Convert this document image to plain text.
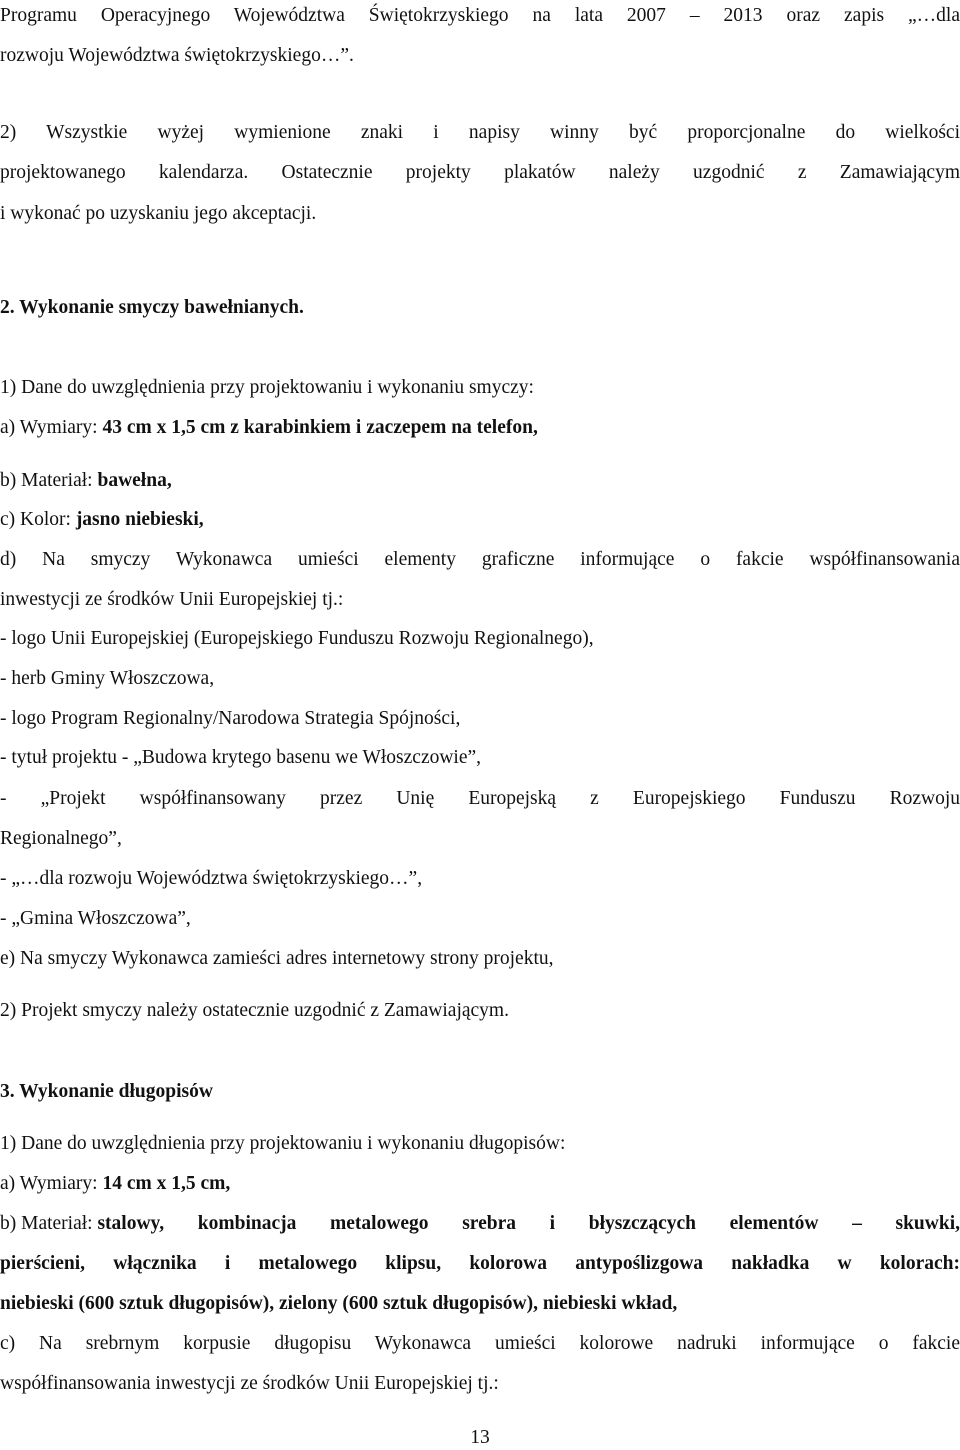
Programu Operacyjnego Województwa Świętokrzyskiego na lata 2007 – 2013 oraz zapis „…dla
rozwoju Województwa świętokrzyskiego…”.
2) Wszystkie wyżej wymienione znaki i napisy winny być proporcjonalne do wielkości
projektowanego kalendarza. Ostatecznie projekty plakatów należy uzgodnić z Zamawiającym
i wykonać po uzyskaniu jego akceptacji.
2. Wykonanie smyczy bawełnianych.
1) Dane do uwzględnienia przy projektowaniu i wykonaniu smyczy:
a) Wymiary: 43 cm x 1,5 cm z karabinkiem i zaczepem na telefon,
b) Materiał: bawełna,
c) Kolor: jasno niebieski,
d) Na smyczy Wykonawca umieści elementy graficzne informujące o fakcie współfinansowania
inwestycji ze środków Unii Europejskiej tj.:
- logo Unii Europejskiej (Europejskiego Funduszu Rozwoju Regionalnego),
- herb Gminy Włoszczowa,
- logo Program Regionalny/Narodowa Strategia Spójności,
- tytuł projektu - „Budowa krytego basenu we Włoszczowie”,
- „Projekt współfinansowany przez Unię Europejską z Europejskiego Funduszu Rozwoju
Regionalnego”,
- „…dla rozwoju Województwa świętokrzyskiego…”,
- „Gmina Włoszczowa”,
e) Na smyczy Wykonawca zamieści adres internetowy strony projektu,
2) Projekt smyczy należy ostatecznie uzgodnić z Zamawiającym.
3. Wykonanie długopisów
1) Dane do uwzględnienia przy projektowaniu i wykonaniu długopisów:
a) Wymiary: 14 cm x 1,5 cm,
b) Materiał: stalowy, kombinacja metalowego srebra i błyszczących elementów – skuwki,
pierścieni, włącznika i metalowego klipsu, kolorowa antypoślizgowa nakładka w kolorach:
niebieski (600 sztuk długopisów), zielony (600 sztuk długopisów), niebieski wkład,
c) Na srebrnym korpusie długopisu Wykonawca umieści kolorowe nadruki informujące o fakcie
współfinansowania inwestycji ze środków Unii Europejskiej tj.:
13
